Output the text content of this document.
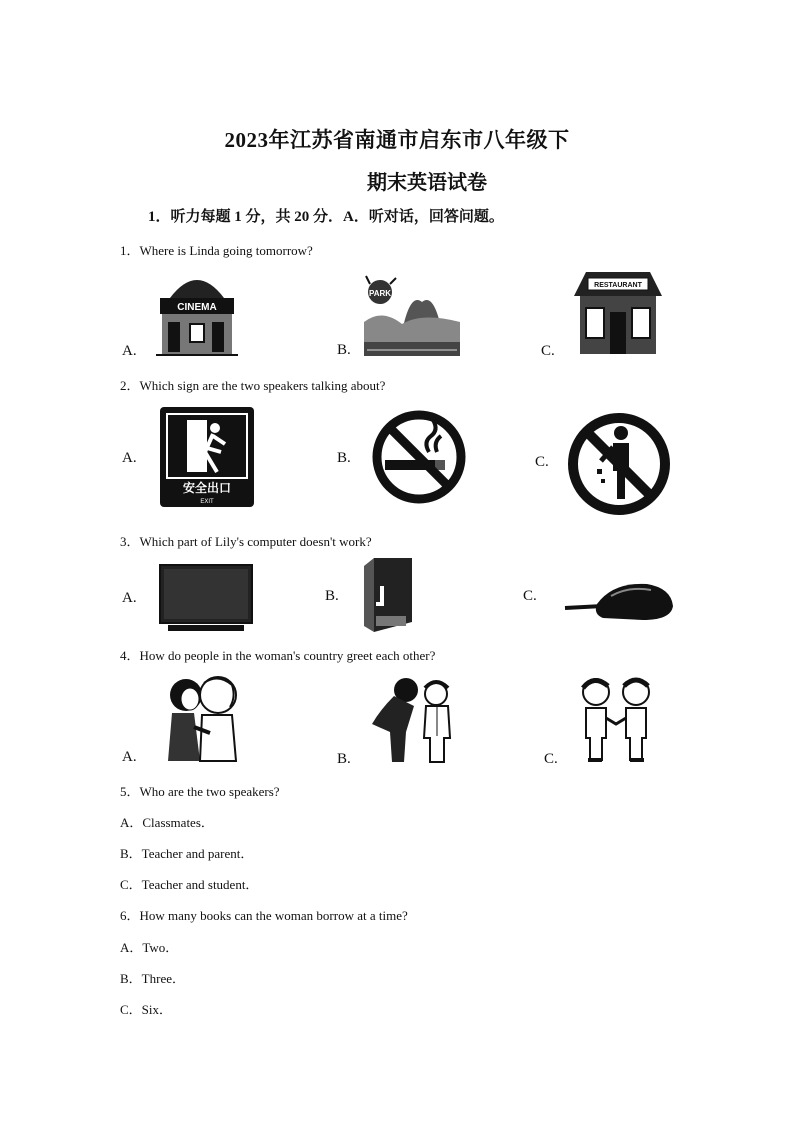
2023年江苏省南通市启东市八年级下
期末英语试卷
1．听力每题 1 分，共 20 分．A．听对话，回答问题。
1．Where is Linda going tomorrow?
A.
CINEMA
B.
PARK
C.
RESTAURANT
2．Which sign are the two speakers talking about?
A.
安全出口
EXIT
B.	C.
3．Which part of Lily's computer doesn't work?
A.	B.	C.
4．How do people in the woman's country greet each other?
A.	B.	C.
5．Who are the two speakers?
A．Classmates．
B．Teacher and parent．
C．Teacher and student．
6．How many books can the woman borrow at a time?
A．Two．
B．Three．
C．Six．
